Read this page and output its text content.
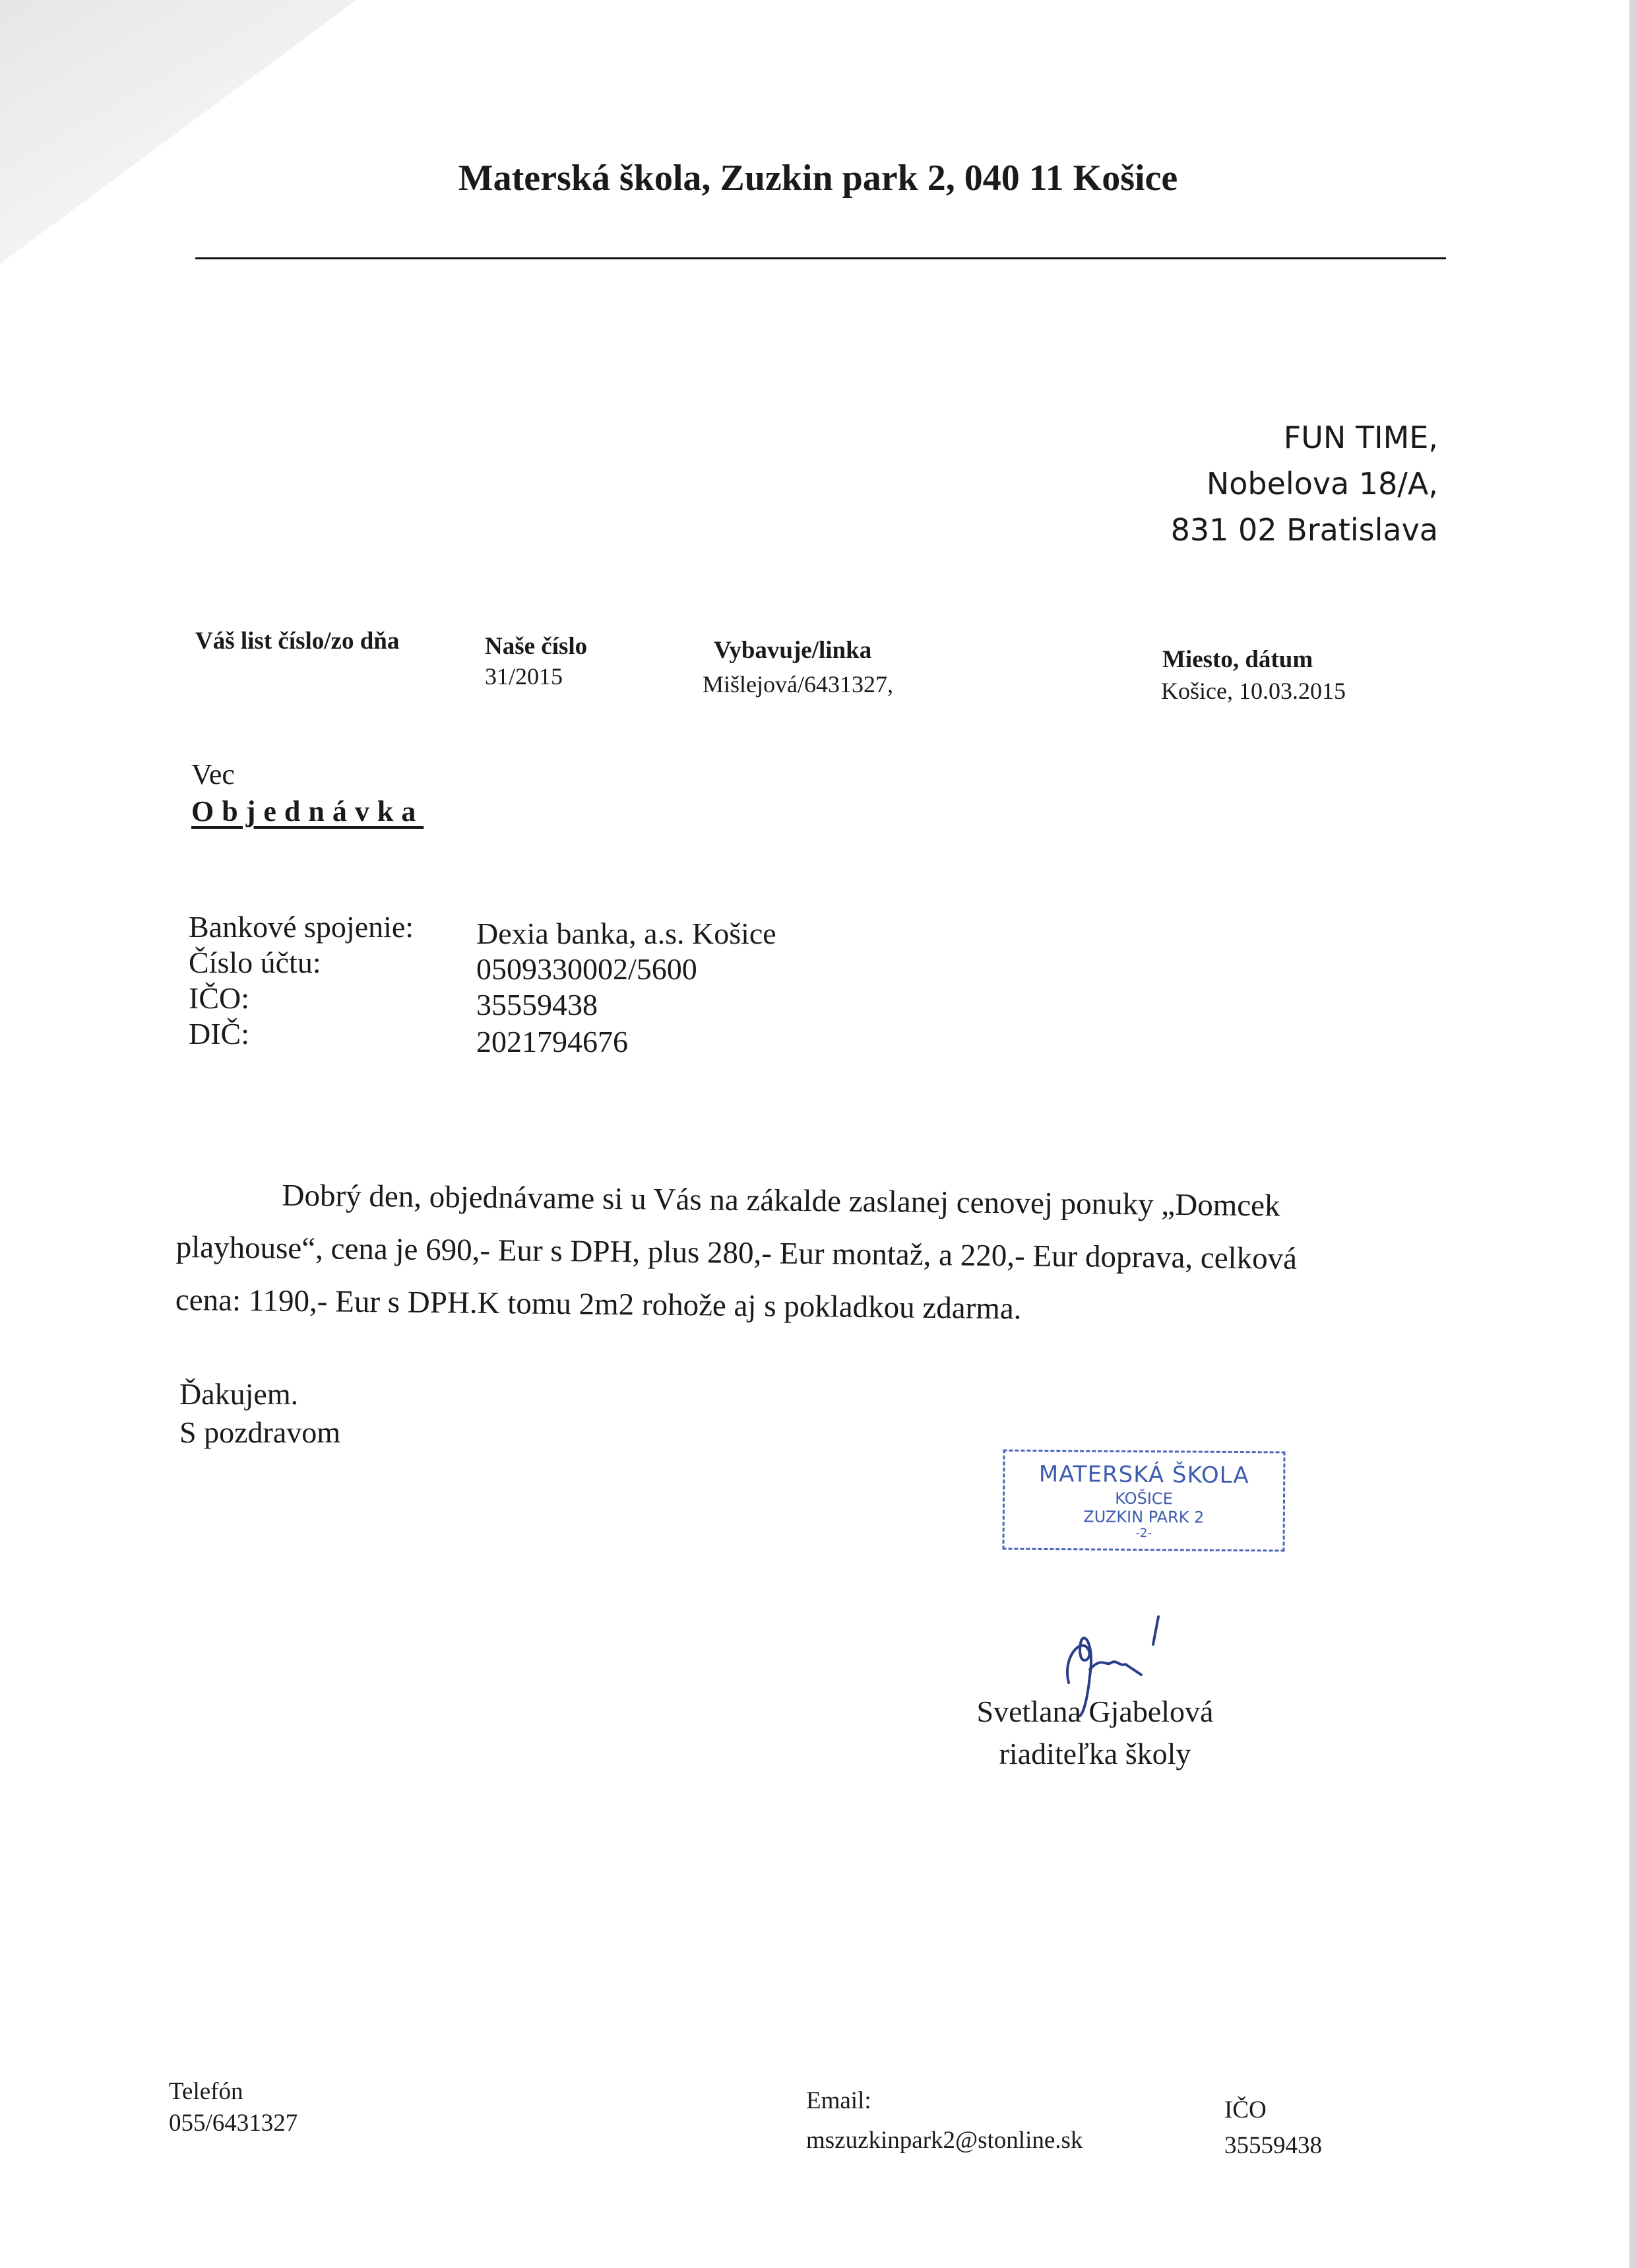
Materská škola, Zuzkin park 2, 040 11 Košice
FUN TIME,
Nobelova 18/A,
831 02 Bratislava
Váš list číslo/zo dňa	Naše číslo
31/2015
Vybavuje/linka
Mišlejová/6431327,
Miesto, dátum
Košice, 10.03.2015
Vec
Objednávka
Bankové spojenie: Dexia banka, a.s. Košice
Číslo účtu:	0509330002/5600
IČO:	35559438
DIČ:	2021794676
Dobrý den, objednávame si u Vás na zákalde zaslanej cenovej ponuky „Domcek
playhouse“, cena je 690,- Eur s DPH, plus 280,- Eur montaž, a 220,- Eur doprava, celková
cena: 1190,- Eur s DPH.K tomu 2m2 rohože aj s pokladkou zdarma.
Ďakujem.
S pozdravom
MATERSKÁ ŠKOLA
KOŠICE
ZUZKIN PARK 2
-2-
Svetlana Gjabelová
riaditeľka školy
Telefón
055/6431327
Email:
mszuzkinpark2@stonline.sk
IČO
35559438
